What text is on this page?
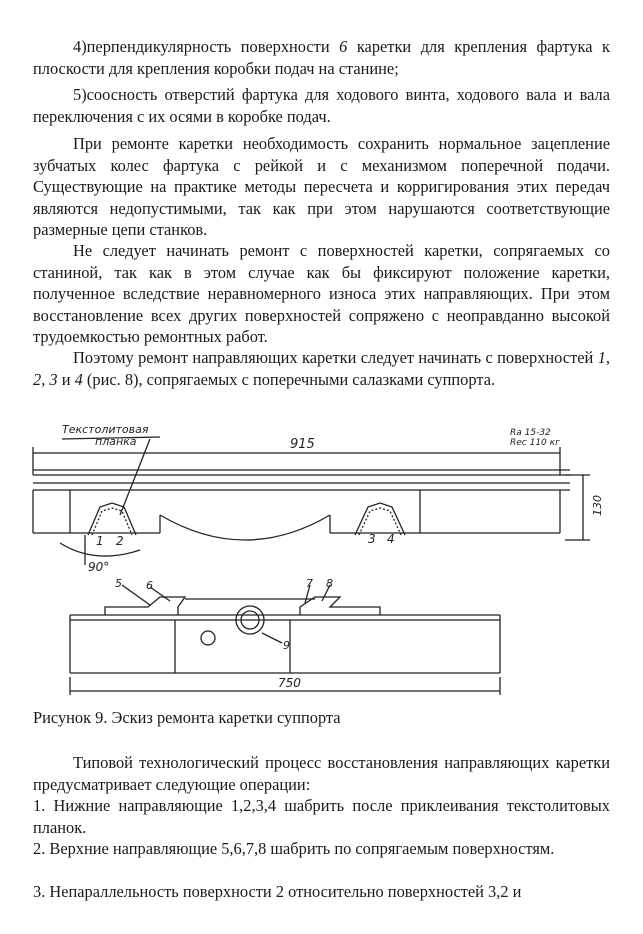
4)перпендикулярность поверхности 6 каретки для крепления фартука к плоскости для крепления коробки подач на станине;

5)соосность отверстий фартука для ходового винта, ходового вала и вала переключения с их осями в коробке подач.

При ремонте каретки необходимость сохранить нормальное зацепление зубчатых колес фартука с рейкой и с механизмом поперечной подачи. Существующие на практике методы пересчета и корригирования этих передач являются недопустимыми, так как при этом нарушаются соответствующие размерные цепи станков.

Не следует начинать ремонт с поверхностей каретки, сопрягаемых со станиной, так как в этом случае как бы фиксируют положение каретки, полученное вследствие неравномерного износа этих направляющих. При этом восстановление всех других поверхностей сопряжено с неоправданно высокой трудоемкостью ремонтных работ.

Поэтому ремонт направляющих каретки следует начинать с поверхностей 1, 2, 3 и 4 (рис. 8), сопрягаемых с поперечными салазками суппорта.

Текстолитовая
планка	915
Ra 15-32
Rec 110 кг
130
90°
1 2	3 4
5 6	7 8
9
750
Рисунок 9. Эскиз ремонта каретки суппорта

Типовой технологический процесс восстановления направляющих каретки предусматривает следующие операции:

1. Нижние направляющие 1,2,3,4 шабрить после приклеивания текстолитовых планок.

2. Верхние направляющие 5,6,7,8 шабрить по сопрягаемым поверхностям.

3. Непараллельность поверхности 2 относительно поверхностей 3,2 и
